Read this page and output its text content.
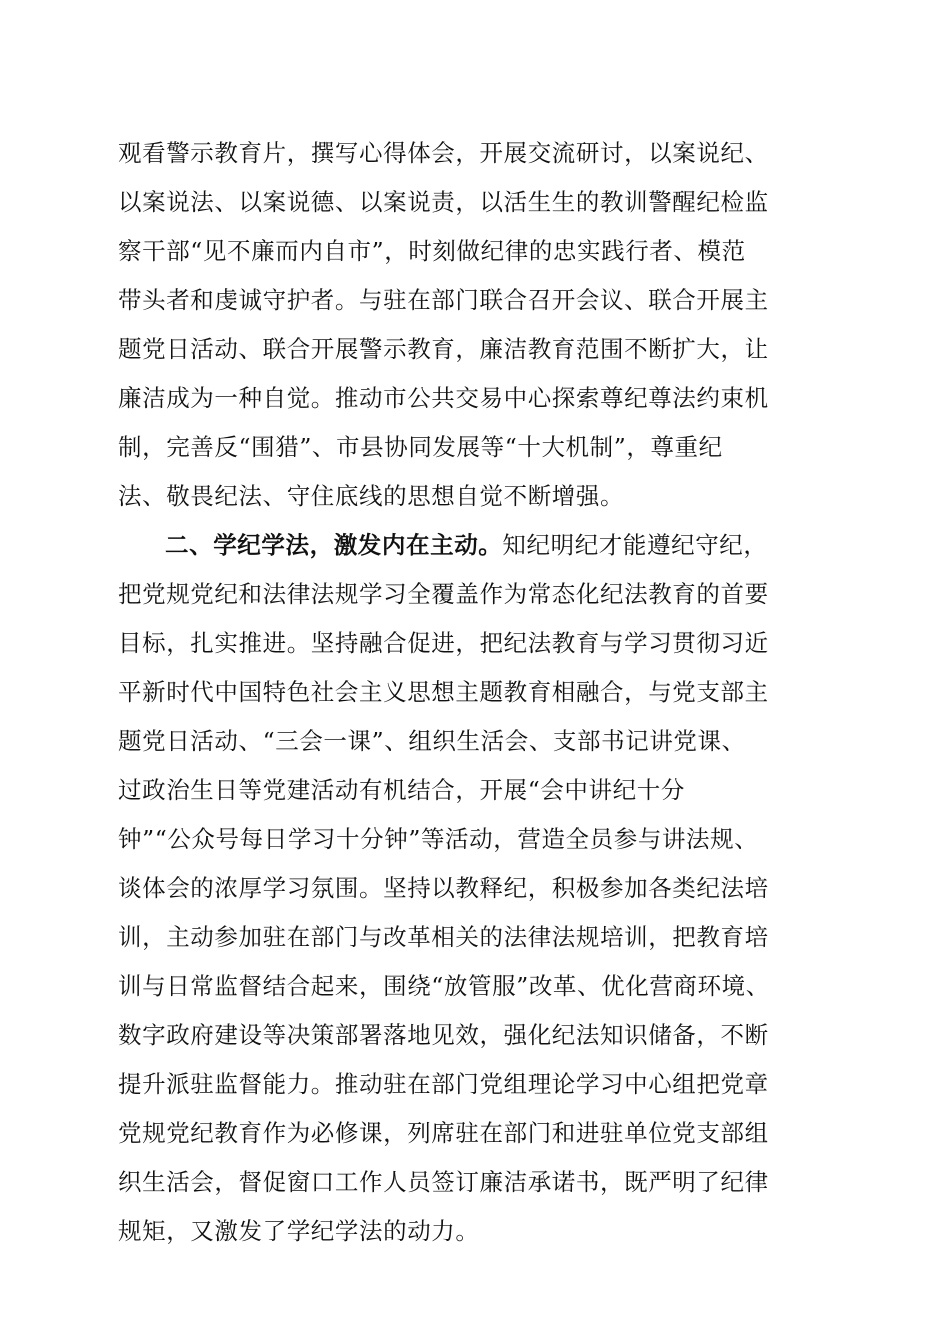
观看警示教育片，撰写心得体会，开展交流研讨，以案说纪、
以案说法、以案说德、以案说责，以活生生的教训警醒纪检监
察干部“见不廉而内自市”，时刻做纪律的忠实践行者、模范
带头者和虔诚守护者。与驻在部门联合召开会议、联合开展主
题党日活动、联合开展警示教育，廉洁教育范围不断扩大，让
廉洁成为一种自觉。推动市公共交易中心探索尊纪尊法约束机
制，完善反“围猎”、市县协同发展等“十大机制”，尊重纪
法、敬畏纪法、守住底线的思想自觉不断增强。
二、学纪学法，激发内在主动。知纪明纪才能遵纪守纪，
把党规党纪和法律法规学习全覆盖作为常态化纪法教育的首要
目标，扎实推进。坚持融合促进，把纪法教育与学习贯彻习近
平新时代中国特色社会主义思想主题教育相融合，与党支部主
题党日活动、“三会一课”、组织生活会、支部书记讲党课、
过政治生日等党建活动有机结合，开展“会中讲纪十分
钟”“公众号每日学习十分钟”等活动，营造全员参与讲法规、
谈体会的浓厚学习氛围。坚持以教释纪，积极参加各类纪法培
训，主动参加驻在部门与改革相关的法律法规培训，把教育培
训与日常监督结合起来，围绕“放管服”改革、优化营商环境、
数字政府建设等决策部署落地见效，强化纪法知识储备，不断
提升派驻监督能力。推动驻在部门党组理论学习中心组把党章
党规党纪教育作为必修课，列席驻在部门和进驻单位党支部组
织生活会，督促窗口工作人员签订廉洁承诺书，既严明了纪律
规矩，又激发了学纪学法的动力。
